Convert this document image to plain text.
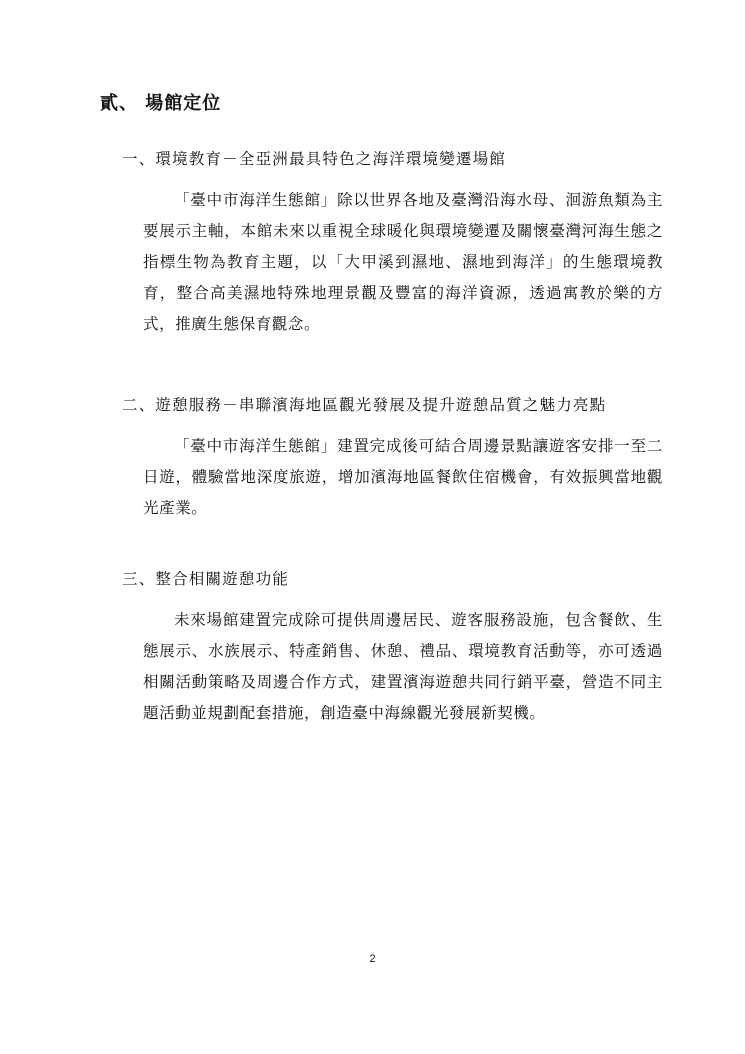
貳、 場館定位
一、環境教育－全亞洲最具特色之海洋環境變遷場館
「臺中市海洋生態館」除以世界各地及臺灣沿海水母、洄游魚類為主要展示主軸，本館未來以重視全球暖化與環境變遷及關懷臺灣河海生態之指標生物為教育主題，以「大甲溪到濕地、濕地到海洋」的生態環境教育，整合高美濕地特殊地理景觀及豐富的海洋資源，透過寓教於樂的方式，推廣生態保育觀念。
二、遊憩服務－串聯濱海地區觀光發展及提升遊憩品質之魅力亮點
「臺中市海洋生態館」建置完成後可結合周邊景點讓遊客安排一至二日遊，體驗當地深度旅遊，增加濱海地區餐飲住宿機會，有效振興當地觀光產業。
三、整合相關遊憩功能
未來場館建置完成除可提供周邊居民、遊客服務設施，包含餐飲、生態展示、水族展示、特產銷售、休憩、禮品、環境教育活動等，亦可透過相關活動策略及周邊合作方式，建置濱海遊憩共同行銷平臺，營造不同主題活動並規劃配套措施，創造臺中海線觀光發展新契機。
2
